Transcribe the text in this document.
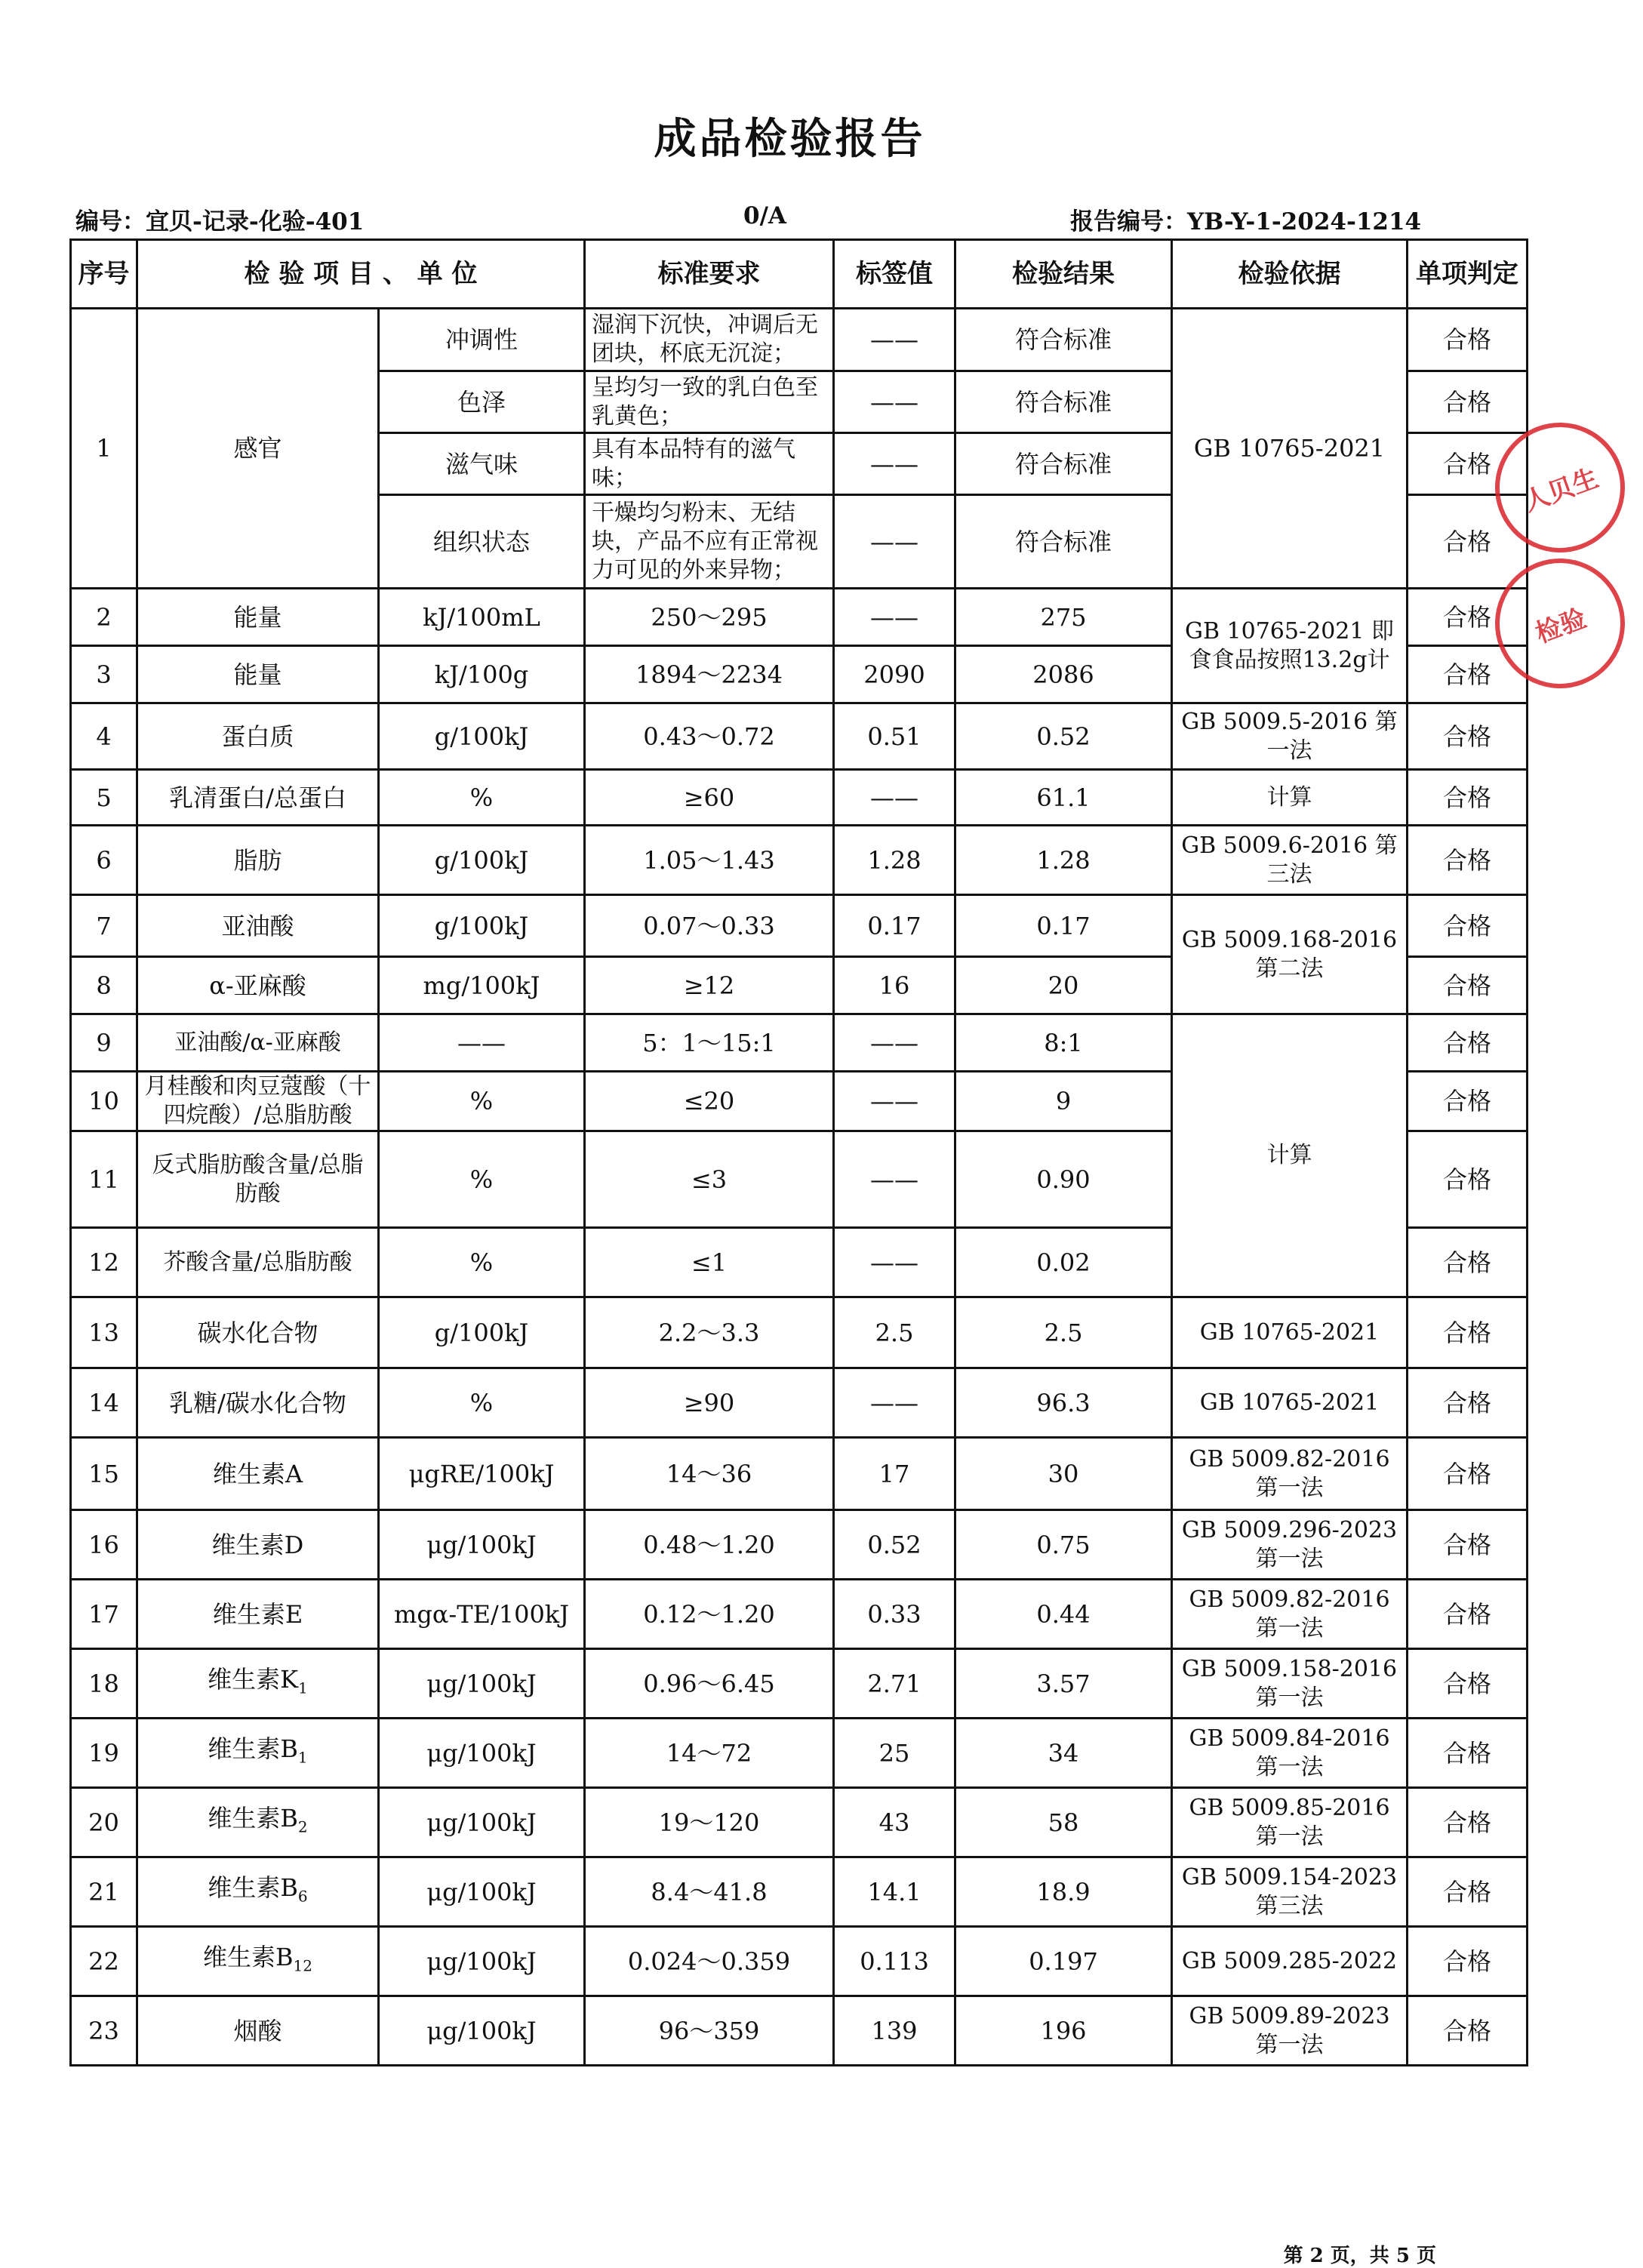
成品检验报告
编号：宜贝-记录-化验-401	0/A	报告编号：YB-Y-1-2024-1214
序号	检 验 项 目 、 单 位		标准要求	标签值	检验结果	检验依据	单项判定
1	感官	冲调性	湿润下沉快，冲调后无团块，杯底无沉淀；	——	符合标准	GB 10765-2021	合格
		色泽	呈均匀一致的乳白色至乳黄色；	——	符合标准		合格
		滋气味	具有本品特有的滋气味；	——	符合标准		合格
		组织状态	干燥均匀粉末、无结块，产品不应有正常视力可见的外来异物；	——	符合标准		合格
2	能量	kJ/100mL	250～295	——	275	GB 10765-2021 即食食品按照13.2g计	合格
3	能量	kJ/100g	1894～2234	2090	2086		合格
4	蛋白质	g/100kJ	0.43～0.72	0.51	0.52	GB 5009.5-2016 第一法	合格
5	乳清蛋白/总蛋白	%	≥60	——	61.1	计算	合格
6	脂肪	g/100kJ	1.05～1.43	1.28	1.28	GB 5009.6-2016 第三法	合格
7	亚油酸	g/100kJ	0.07～0.33	0.17	0.17	GB 5009.168-2016 第二法	合格
8	α-亚麻酸	mg/100kJ	≥12	16	20		合格
9	亚油酸/α-亚麻酸	——	5：1～15:1	——	8:1	计算	合格
10	月桂酸和肉豆蔻酸（十四烷酸）/总脂肪酸	%	≤20	——	9		合格
11	反式脂肪酸含量/总脂肪酸	%	≤3	——	0.90		合格
12	芥酸含量/总脂肪酸	%	≤1	——	0.02		合格
13	碳水化合物	g/100kJ	2.2～3.3	2.5	2.5	GB 10765-2021	合格
14	乳糖/碳水化合物	%	≥90	——	96.3	GB 10765-2021	合格
15	维生素A	μgRE/100kJ	14～36	17	30	GB 5009.82-2016 第一法	合格
16	维生素D	μg/100kJ	0.48～1.20	0.52	0.75	GB 5009.296-2023 第一法	合格
17	维生素E	mgα-TE/100kJ	0.12～1.20	0.33	0.44	GB 5009.82-2016 第一法	合格
18	维生素$K_1$	μg/100kJ	0.96～6.45	2.71	3.57	GB 5009.158-2016 第一法	合格
19	维生素$B_1$	μg/100kJ	14～72	25	34	GB 5009.84-2016 第一法	合格
20	维生素$B_2$	μg/100kJ	19～120	43	58	GB 5009.85-2016 第一法	合格
21	维生素$B_6$	μg/100kJ	8.4～41.8	14.1	18.9	GB 5009.154-2023 第三法	合格
22	维生素$B_{12}$	μg/100kJ	0.024～0.359	0.113	0.197	GB 5009.285-2022	合格
23	烟酸	μg/100kJ	96～359	139	196	GB 5009.89-2023 第一法	合格
人贝生
检验
第 2 页，共 5 页
